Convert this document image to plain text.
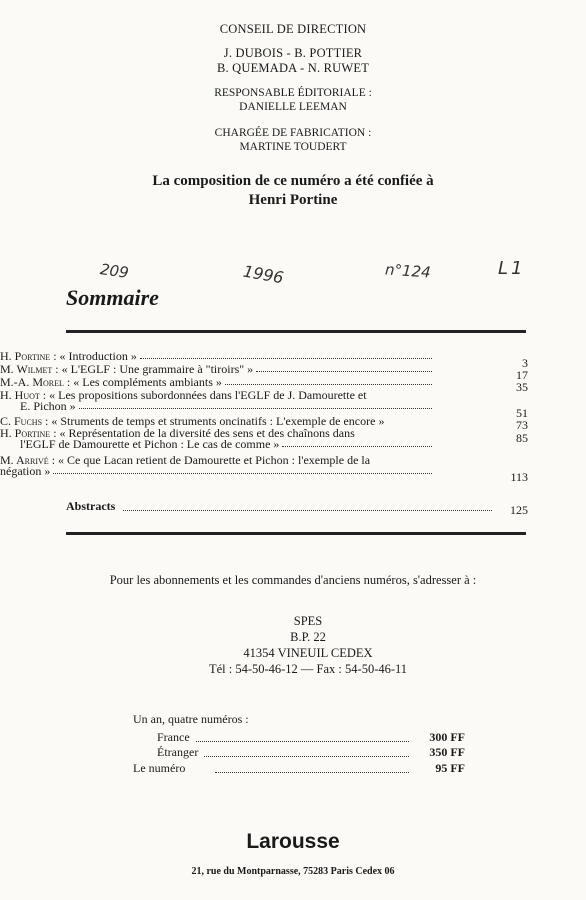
CONSEIL DE DIRECTION
J. DUBOIS - B. POTTIER
B. QUEMADA - N. RUWET
RESPONSABLE ÉDITORIALE :
DANIELLE LEEMAN
CHARGÉE DE FABRICATION :
MARTINE TOUDERT
La composition de ce numéro a été confiée à
Henri Portine
209	1996	n°124	L1
Sommaire
H. Portine : « Introduction »	3
M. Wilmet : « L'EGLF : Une grammaire à "tiroirs" »	17
M.-A. Morel : « Les compléments ambiants »	35
H. Huot : « Les propositions subordonnées dans l'EGLF de J. Damourette et
E. Pichon »	51
C. Fuchs : « Struments de temps et struments oncinatifs : L'exemple de encore »	73
H. Portine : « Représentation de la diversité des sens et des chaînons dans
l'EGLF de Damourette et Pichon : Le cas de comme »	85
M. Arrivé : « Ce que Lacan retient de Damourette et Pichon : l'exemple de la
négation »	113
Abstracts	125
Pour les abonnements et les commandes d'anciens numéros, s'adresser à :
SPES
B.P. 22
41354 VINEUIL CEDEX
Tél : 54-50-46-12 — Fax : 54-50-46-11
Un an, quatre numéros :
France	300 FF
Étranger	350 FF
Le numéro	95 FF
Larousse
21, rue du Montparnasse, 75283 Paris Cedex 06
